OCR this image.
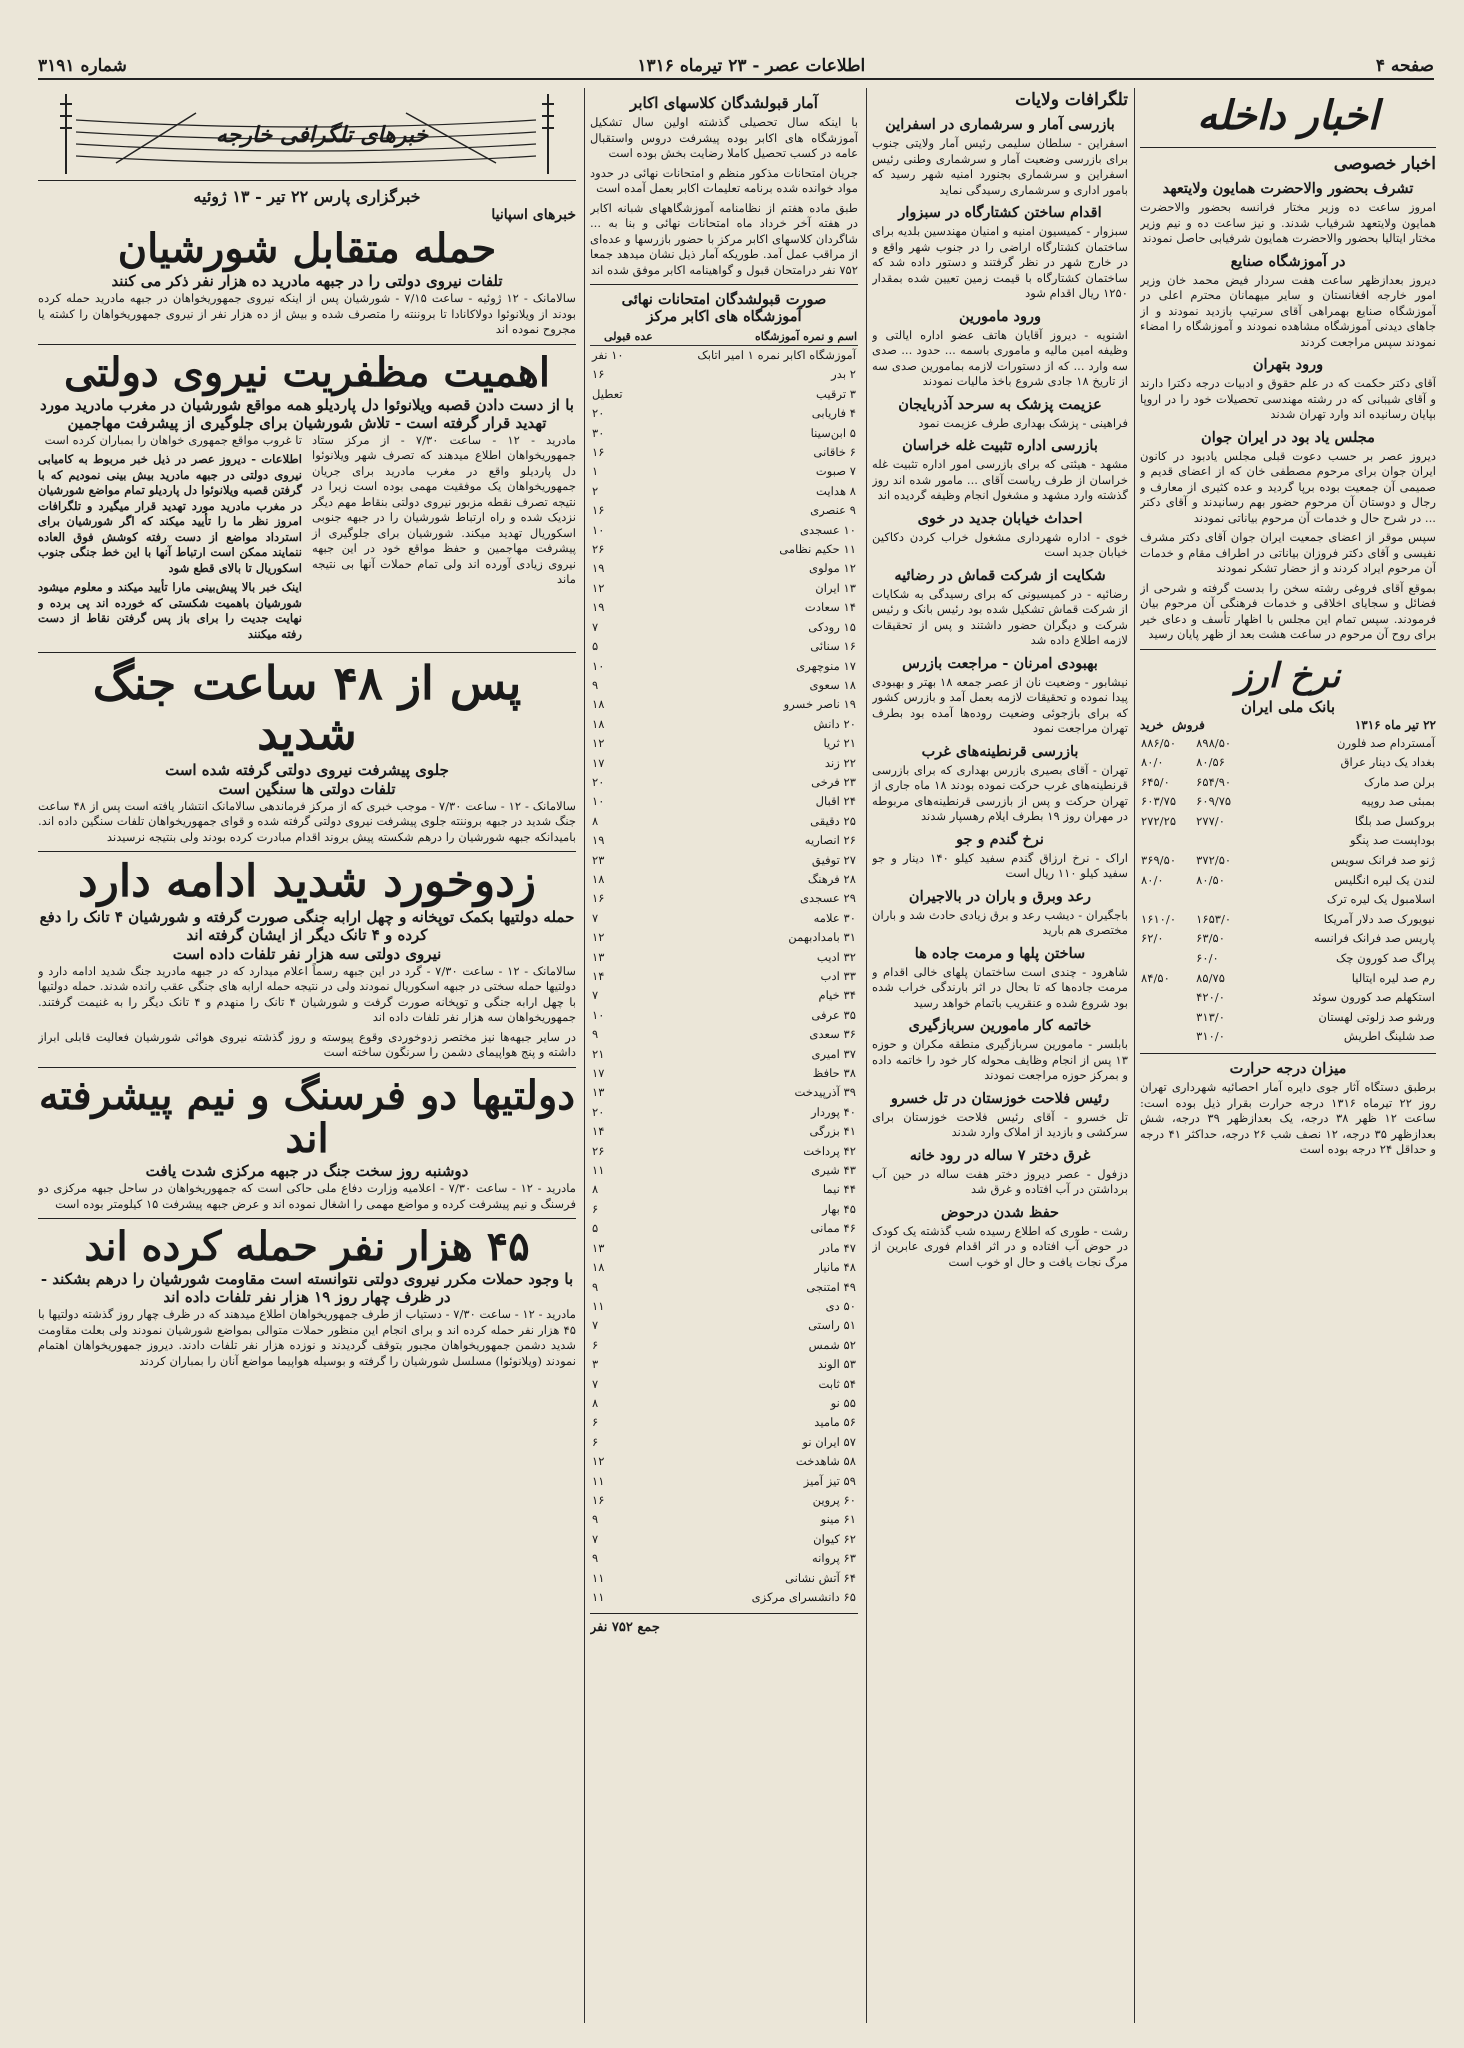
صفحه ۴
اطلاعات عصر - ۲۳ تیرماه ۱۳۱۶
شماره ۳۱۹۱
اخبار داخله
اخبار خصوصی
تشرف بحضور والاحضرت همایون ولایتعهد

امروز ساعت ده وزیر مختار فرانسه بحضور والاحضرت همایون ولایتعهد شرفیاب شدند. و نیز ساعت ده و نیم وزیر مختار ایتالیا بحضور والاحضرت همایون شرفیابی حاصل نمودند

در آموزشگاه صنایع

دیروز بعدازظهر ساعت هفت سردار فیض محمد خان وزیر امور خارجه افغانستان و سایر میهمانان محترم اعلی در آموزشگاه صنایع بهمراهی آقای سرتیپ بازدید نمودند و از جاهای دیدنی آموزشگاه مشاهده نمودند و آموزشگاه را امضاء نمودند سپس مراجعت کردند

ورود بتهران

آقای دکتر حکمت که در علم حقوق و ادبیات درجه دکترا دارند و آقای شیبانی که در رشته مهندسی تحصیلات خود را در اروپا بپایان رسانیده اند وارد تهران شدند

مجلس یاد بود در ایران جوان

دیروز عصر بر حسب دعوت قبلی مجلس یادبود در کانون ایران جوان برای مرحوم مصطفی خان که از اعضای قدیم و صمیمی آن جمعیت بوده برپا گردید و عده کثیری از معارف و رجال و دوستان آن مرحوم حضور بهم رسانیدند و آقای دکتر ... در شرح حال و خدمات آن مرحوم بیاناتی نمودند

سپس موقر از اعضای جمعیت ایران جوان آقای دکتر مشرف نفیسی و آقای دکتر فروزان بیاناتی در اطراف مقام و خدمات آن مرحوم ایراد کردند و از حضار تشکر نمودند

بموقع آقای فروغی رشته سخن را بدست گرفته و شرحی از فضائل و سجایای اخلاقی و خدمات فرهنگی آن مرحوم بیان فرمودند. سپس تمام این مجلس با اظهار تأسف و دعای خیر برای روح آن مرحوم در ساعت هشت بعد از ظهر پایان رسید

نرخ ارز
بانک ملی ایران
۲۲ تیر ماه ۱۳۱۶
فروش  خرید
آمستردام صد فلورن	۸۹۸/۵۰	۸۸۶/۵۰
بغداد یک دینار عراق	۸۰/۵۶	۸۰/۰
برلن صد مارک	۶۵۴/۹۰	۶۴۵/۰
بمبئی صد روپیه	۶۰۹/۷۵	۶۰۳/۷۵
بروکسل صد بلگا	۲۷۷/۰	۲۷۲/۲۵
بوداپست صد پنگو		
ژنو صد فرانک سویس	۳۷۲/۵۰	۳۶۹/۵۰
لندن یک لیره انگلیس	۸۰/۵۰	۸۰/۰
اسلامبول یک لیره ترک		
نیویورک صد دلار آمریکا	۱۶۵۳/۰	۱۶۱۰/۰
پاریس صد فرانک فرانسه	۶۳/۵۰	۶۲/۰
پراگ صد کورون چک	۶۰/۰	
رم صد لیره ایتالیا	۸۵/۷۵	۸۴/۵۰
استکهلم صد کورون سوئد	۴۲۰/۰	
ورشو صد زلوتی لهستان	۳۱۳/۰	
صد شلینگ اطریش	۳۱۰/۰	
میزان درجه حرارت

برطبق دستگاه آثار جوی دایره آمار احصائیه شهرداری تهران روز ۲۲ تیرماه ۱۳۱۶ درجه حرارت بقرار ذیل بوده است: ساعت ۱۲ ظهر ۳۸ درجه، یک بعدازظهر ۳۹ درجه، شش بعدازظهر ۳۵ درجه، ۱۲ نصف شب ۲۶ درجه، حداکثر ۴۱ درجه و حداقل ۲۴ درجه بوده است

تلگرافات ولایات
بازرسی آمار و سرشماری در اسفراین

اسفراین - سلطان سلیمی رئیس آمار ولایتی جنوب برای بازرسی وضعیت آمار و سرشماری وطنی رئیس اسفراین و سرشماری بجنورد امنیه شهر رسید که بامور اداری و سرشماری رسیدگی نماید

اقدام ساختن کشتارگاه در سبزوار

سبزوار - کمیسیون امنیه و امنیان مهندسین بلدیه برای ساختمان کشتارگاه اراضی را در جنوب شهر واقع و در خارج شهر در نظر گرفتند و دستور داده شد که ساختمان کشتارگاه با قیمت زمین تعیین شده بمقدار ۱۲۵۰ ریال اقدام شود

ورود مامورین

اشنویه - دیروز آقایان هاتف عضو اداره ایالتی و وظیفه امین مالیه و ماموری باسمه ... حدود ... صدی سه وارد ... که از دستورات لازمه بمامورین صدی سه از تاریخ ۱۸ جادی شروع باخذ مالیات نمودند

عزیمت پزشک به سرحد آذربایجان

فراهینی - پزشک بهداری طرف عزیمت نمود

بازرسی اداره تثبیت غله خراسان

مشهد - هیئتی که برای بازرسی امور اداره تثبیت غله خراسان از طرف ریاست آقای ... مامور شده اند روز گذشته وارد مشهد و مشغول انجام وظیفه گردیده اند

احداث خیابان جدید در خوی

خوی - اداره شهرداری مشغول خراب کردن دکاکین خیابان جدید است

شکایت از شرکت قماش در رضائیه

رضائیه - در کمیسیونی که برای رسیدگی به شکایات از شرکت قماش تشکیل شده بود رئیس بانک و رئیس شرکت و دیگران حضور داشتند و پس از تحقیقات لازمه اطلاع داده شد

بهبودی امرنان - مراجعت بازرس

نیشابور - وضعیت نان از عصر جمعه ۱۸ بهتر و بهبودی پیدا نموده و تحقیقات لازمه بعمل آمد و بازرس کشور که برای بازجوئی وضعیت روده‌ها آمده بود بطرف تهران مراجعت نمود

بازرسی قرنطینه‌های غرب

تهران - آقای بصیری بازرس بهداری که برای بازرسی قرنطینه‌های غرب حرکت نموده بودند ۱۸ ماه جاری از تهران حرکت و پس از بازرسی قرنطینه‌های مربوطه در مهران روز ۱۹ بطرف ایلام رهسپار شدند

نرخ گندم و جو

اراک - نرخ ارزاق گندم سفید کیلو ۱۴۰ دینار و جو سفید کیلو ۱۱۰ ریال است

رعد وبرق و باران در بالاجیران

باجگیران - دیشب رعد و برق زیادی حادث شد و باران مختصری هم بارید

ساختن پلها و مرمت جاده ها

شاهرود - چندی است ساختمان پلهای خالی اقدام و مرمت جاده‌ها که تا بحال در اثر بارندگی خراب شده بود شروع شده و عنقریب باتمام خواهد رسید

خاتمه کار مامورین سربازگیری

بابلسر - مامورین سربازگیری منطقه مکران و حوزه ۱۳ پس از انجام وظایف محوله کار خود را خاتمه داده و بمرکز حوزه مراجعت نمودند

رئیس فلاحت خوزستان در تل خسرو

تل خسرو - آقای رئیس فلاحت خوزستان برای سرکشی و بازدید از املاک وارد شدند

غرق دختر ۷ ساله در رود خانه

دزفول - عصر دیروز دختر هفت ساله در حین آب برداشتن در آب افتاده و غرق شد

حفظ شدن درحوض

رشت - طوری که اطلاع رسیده شب گذشته یک کودک در حوض آب افتاده و در اثر اقدام فوری عابرین از مرگ نجات یافت و حال او خوب است

آمار قبولشدگان کلاسهای اکابر

با اینکه سال تحصیلی گذشته اولین سال تشکیل آموزشگاه های اکابر بوده پیشرفت دروس واستقبال عامه در کسب تحصیل کاملا رضایت بخش بوده است

جریان امتحانات مذکور منظم و امتحانات نهائی در حدود مواد خوانده شده برنامه تعلیمات اکابر بعمل آمده است

طبق ماده هفتم از نظامنامه آموزشگاههای شبانه اکابر در هفته آخر خرداد ماه امتحانات نهائی و بنا به ... شاگردان کلاسهای اکابر مرکز با حضور بازرسها و عده‌ای از مراقب عمل آمد. طوریکه آمار ذیل نشان میدهد جمعا ۷۵۲ نفر درامتحان قبول و گواهینامه اکابر موفق شده اند

صورت قبولشدگان امتحانات نهائی آموزشگاه های اکابر مرکز
اسم و نمره آموزشگاه	عده قبولی
آموزشگاه اکابر نمره ۱ امیر اتابک	۱۰ نفر
۲ بدر	۱۶
۳ ترقیب	تعطیل
۴ فاریابی	۲۰
۵ ابن‌سینا	۳۰
۶ خاقانی	۱۶
۷ صبوت	۱
۸ هدایت	۲
۹ عنصری	۱۶
۱۰ عسجدی	۱۰
۱۱ حکیم نظامی	۲۶
۱۲ مولوی	۱۹
۱۳ ایران	۱۲
۱۴ سعادت	۱۹
۱۵ رودکی	۷
۱۶ سنائی	۵
۱۷ منوچهری	۱۰
۱۸ سعوی	۹
۱۹ ناصر خسرو	۱۸
۲۰ دانش	۱۸
۲۱ ثریا	۱۲
۲۲ زند	۱۷
۲۳ فرخی	۲۰
۲۴ اقبال	۱۰
۲۵ دقیقی	۸
۲۶ انصاریه	۱۹
۲۷ توفیق	۲۳
۲۸ فرهنگ	۱۸
۲۹ عسجدی	۱۶
۳۰ علامه	۷
۳۱ بامدادبهمن	۱۲
۳۲ ادیب	۱۳
۳۳ ادب	۱۴
۳۴ خیام	۷
۳۵ عرفی	۱۰
۳۶ سعدی	۹
۳۷ امیری	۲۱
۳۸ حافظ	۱۷
۳۹ آذرپیدخت	۱۳
۴۰ پوردار	۲۰
۴۱ بزرگی	۱۴
۴۲ پرداخت	۲۶
۴۳ شیری	۱۱
۴۴ نیما	۸
۴۵ بهار	۶
۴۶ ممانی	۵
۴۷ مادر	۱۳
۴۸ مانیار	۱۸
۴۹ امتنجی	۹
۵۰ دی	۱۱
۵۱ راستی	۷
۵۲ شمس	۶
۵۳ الوند	۳
۵۴ ثابت	۷
۵۵ نو	۸
۵۶ مامید	۶
۵۷ ایران نو	۶
۵۸ شاهدخت	۱۲
۵۹ تیز آمیز	۱۱
۶۰ پروین	۱۶
۶۱ مینو	۹
۶۲ کیوان	۷
۶۳ پروانه	۹
۶۴ آتش نشانی	۱۱
۶۵ دانشسرای مرکزی	۱۱
جمع ۷۵۲ نفر
خبرهای تلگرافی خارجه
خبرگزاری پارس ۲۲ تیر - ۱۳ ژوئیه
خبرهای اسپانیا
حمله متقابل شورشیان
تلفات نیروی دولتی را در جبهه مادرید ده هزار نفر ذکر می کنند

سالامانک - ۱۲ ژوئیه - ساعت ۷/۱۵ - شورشیان پس از اینکه نیروی جمهوریخواهان در جبهه مادرید حمله کرده بودند از ویلانوئوا دولاکانادا تا بروننته را متصرف شده و بیش از ده هزار نفر از نیروی جمهوریخواهان را کشته یا مجروح نموده اند

اهمیت مظفریت نیروی دولتی
با از دست دادن قصبه ویلانوئوا دل پاردیلو همه مواقع شورشیان در مغرب مادرید مورد تهدید قرار گرفته است - تلاش شورشیان برای جلوگیری از پیشرفت مهاجمین

مادرید - ۱۲ - ساعت ۷/۳۰ - از مرکز ستاد جمهوریخواهان اطلاع میدهند که تصرف شهر ویلانوئوا دل پاردیلو واقع در مغرب مادرید برای جریان جمهوریخواهان یک موفقیت مهمی بوده است زیرا در نتیجه تصرف نقطه مزبور نیروی دولتی بنقاط مهم دیگر نزدیک شده و راه ارتباط شورشیان را در جبهه جنوبی اسکوریال تهدید میکند. شورشیان برای جلوگیری از پیشرفت مهاجمین و حفظ مواقع خود در این جبهه نیروی زیادی آورده اند ولی تمام حملات آنها بی نتیجه ماند

تا غروب مواقع جمهوری خواهان را بمباران کرده است

اطلاعات - دیروز عصر در ذیل خبر مربوط به کامیابی نیروی دولتی در جبهه مادرید بیش بینی نمودیم که با گرفتن قصبه ویلانوئوا دل پاردیلو تمام مواضع شورشیان در مغرب مادرید مورد تهدید قرار میگیرد و تلگرافات امروز نظر ما را تأیید میکند که اگر شورشیان برای استرداد مواضع از دست رفته کوشش فوق العاده ننمایند ممکن است ارتباط آنها با این خط جنگی جنوب اسکوریال تا بالای قطع شود

اینک خبر بالا پیش‌بینی مارا تأیید میکند و معلوم میشود شورشیان باهمیت شکستی که خورده اند پی برده و نهایت جدیت را برای باز پس گرفتن نقاط از دست رفته میکنند

پس از ۴۸ ساعت جنگ شدید
جلوی پیشرفت نیروی دولتی گرفته شده است
تلفات دولتی ها سنگین است

سالامانک - ۱۲ - ساعت ۷/۳۰ - موجب خبری که از مرکز فرماندهی سالامانک انتشار یافته است پس از ۴۸ ساعت جنگ شدید در جبهه بروننته جلوی پیشرفت نیروی دولتی گرفته شده و قوای جمهوریخواهان تلفات سنگین داده اند. بامیدانکه جبهه شورشیان را درهم شکسته پیش بروند اقدام مبادرت کرده بودند ولی بنتیجه نرسیدند

زدوخورد شدید ادامه دارد
حمله دولتیها بکمک توپخانه و چهل ارابه جنگی صورت گرفته و شورشیان ۴ تانک را دفع کرده و ۴ تانک دیگر از ایشان گرفته اند
نیروی دولتی سه هزار نفر تلفات داده است

سالامانک - ۱۲ - ساعت ۷/۳۰ - گرد در این جبهه رسماً اعلام میدارد که در جبهه مادرید جنگ شدید ادامه دارد و دولتیها حمله سختی در جبهه اسکوریال نمودند ولی در نتیجه حمله ارابه های جنگی عقب رانده شدند. حمله دولتیها با چهل ارابه جنگی و توپخانه صورت گرفت و شورشیان ۴ تانک را منهدم و ۴ تانک دیگر را به غنیمت گرفتند. جمهوریخواهان سه هزار نفر تلفات داده اند

در سایر جبهه‌ها نیز مختصر زدوخوردی وقوع پیوسته و روز گذشته نیروی هوائی شورشیان فعالیت قابلی ابراز داشته و پنج هواپیمای دشمن را سرنگون ساخته است

دولتیها دو فرسنگ و نیم پیشرفته اند
دوشنبه روز سخت جنگ در جبهه مرکزی شدت یافت

مادرید - ۱۲ - ساعت ۷/۳۰ - اعلامیه وزارت دفاع ملی حاکی است که جمهوریخواهان در ساحل جبهه مرکزی دو فرسنگ و نیم پیشرفت کرده و مواضع مهمی را اشغال نموده اند و عرض جبهه پیشرفت ۱۵ کیلومتر بوده است

۴۵ هزار نفر حمله کرده اند
با وجود حملات مکرر نیروی دولتی نتوانسته است مقاومت شورشیان را درهم بشکند - در ظرف چهار روز ۱۹ هزار نفر تلفات داده اند

مادرید - ۱۲ - ساعت ۷/۳۰ - دستیاب از طرف جمهوریخواهان اطلاع میدهند که در ظرف چهار روز گذشته دولتیها با ۴۵ هزار نفر حمله کرده اند و برای انجام این منظور حملات متوالی بمواضع شورشیان نمودند ولی بعلت مقاومت شدید دشمن جمهوریخواهان مجبور بتوقف گردیدند و نوزده هزار نفر تلفات دادند. دیروز جمهوریخواهان اهتمام نمودند (ویلانوئوا) مسلسل شورشیان را گرفته و بوسیله هواپیما مواضع آنان را بمباران کردند
